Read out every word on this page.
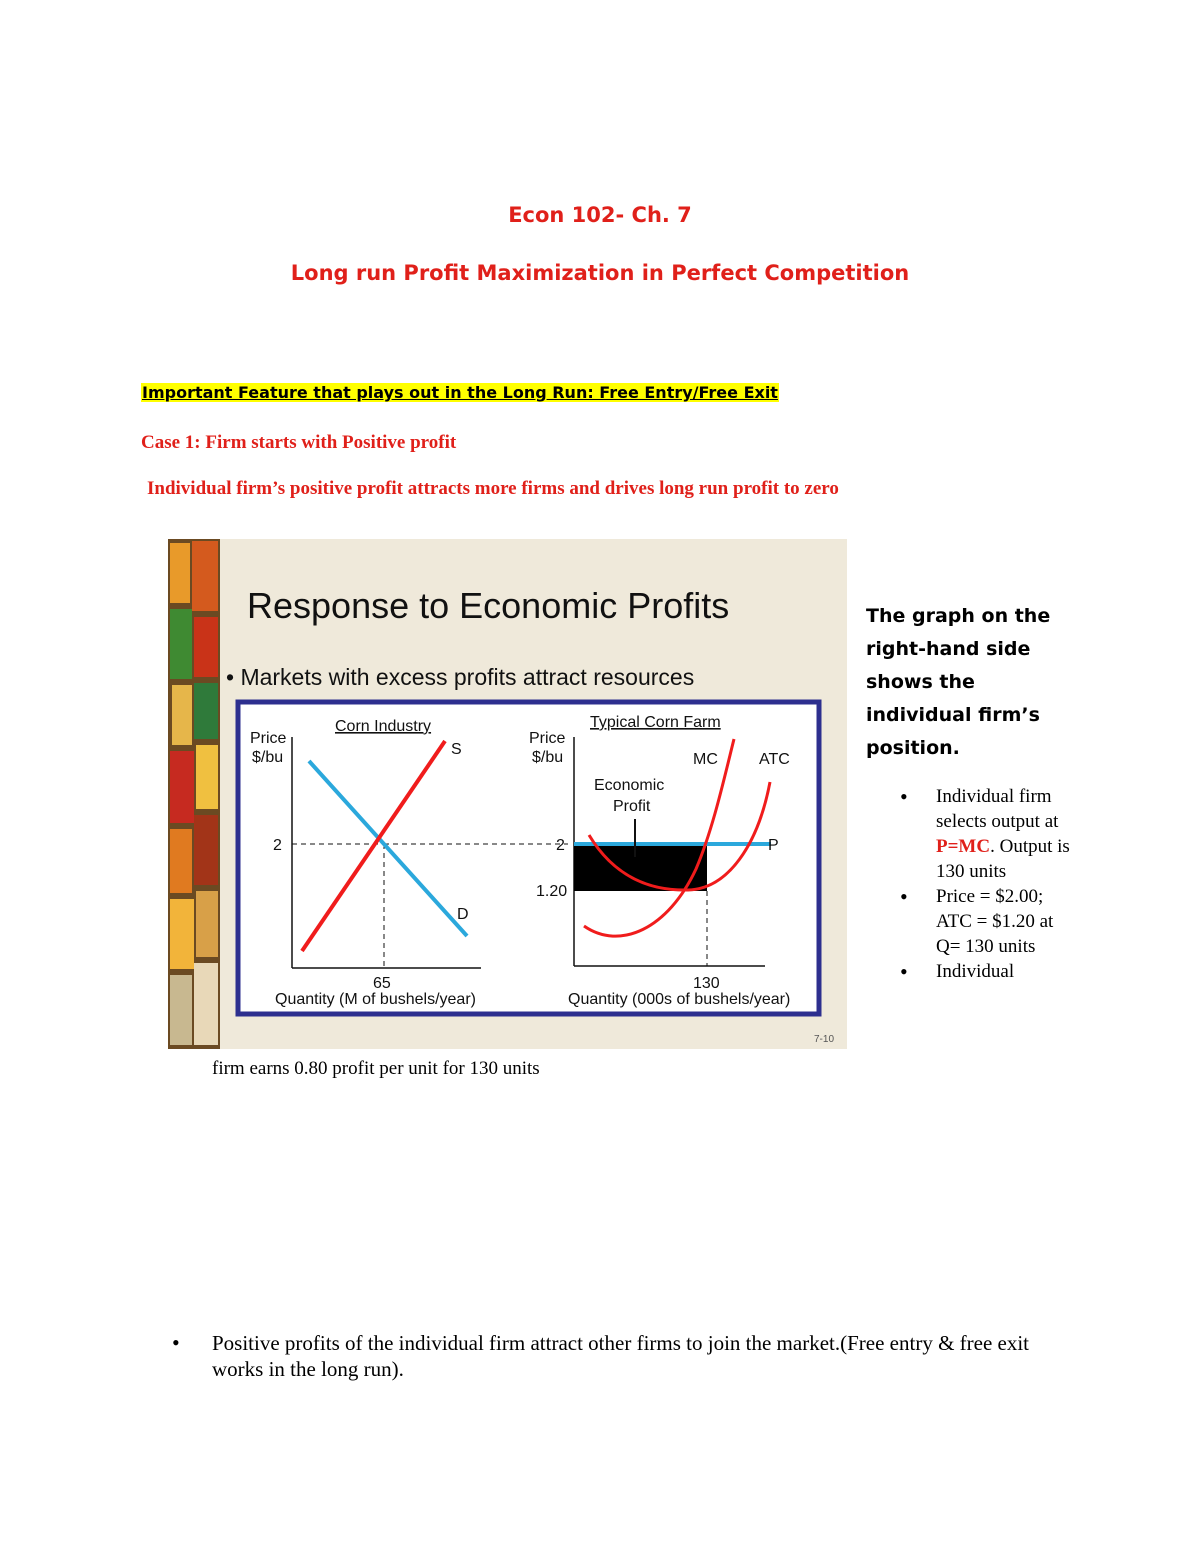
Econ 102- Ch. 7
Long run Profit Maximization in Perfect Competition
Important Feature that plays out in the Long Run: Free Entry/Free Exit
Case 1: Firm starts with Positive profit
Individual firm’s positive profit attracts more firms and drives long run profit to zero
Response to Economic Profits
• Markets with excess profits attract resources
Corn Industry
Price
$/bu	S
D
2
65
Quantity (M of bushels/year)
Typical Corn Farm
Price
$/bu
Economic
Profit
MC	ATC
P
2
1.20
130
Quantity (000s of bushels/year)
7-10
The graph on the right-hand side shows the individual firm’s position.
• Individual firm selects output at P=MC. Output is 130 units
• Price = $2.00; ATC = $1.20 at Q= 130 units
• Individual
firm earns 0.80 profit per unit for 130 units
• Positive profits of the individual firm attract other firms to join the market.(Free entry & free exit works in the long run).
